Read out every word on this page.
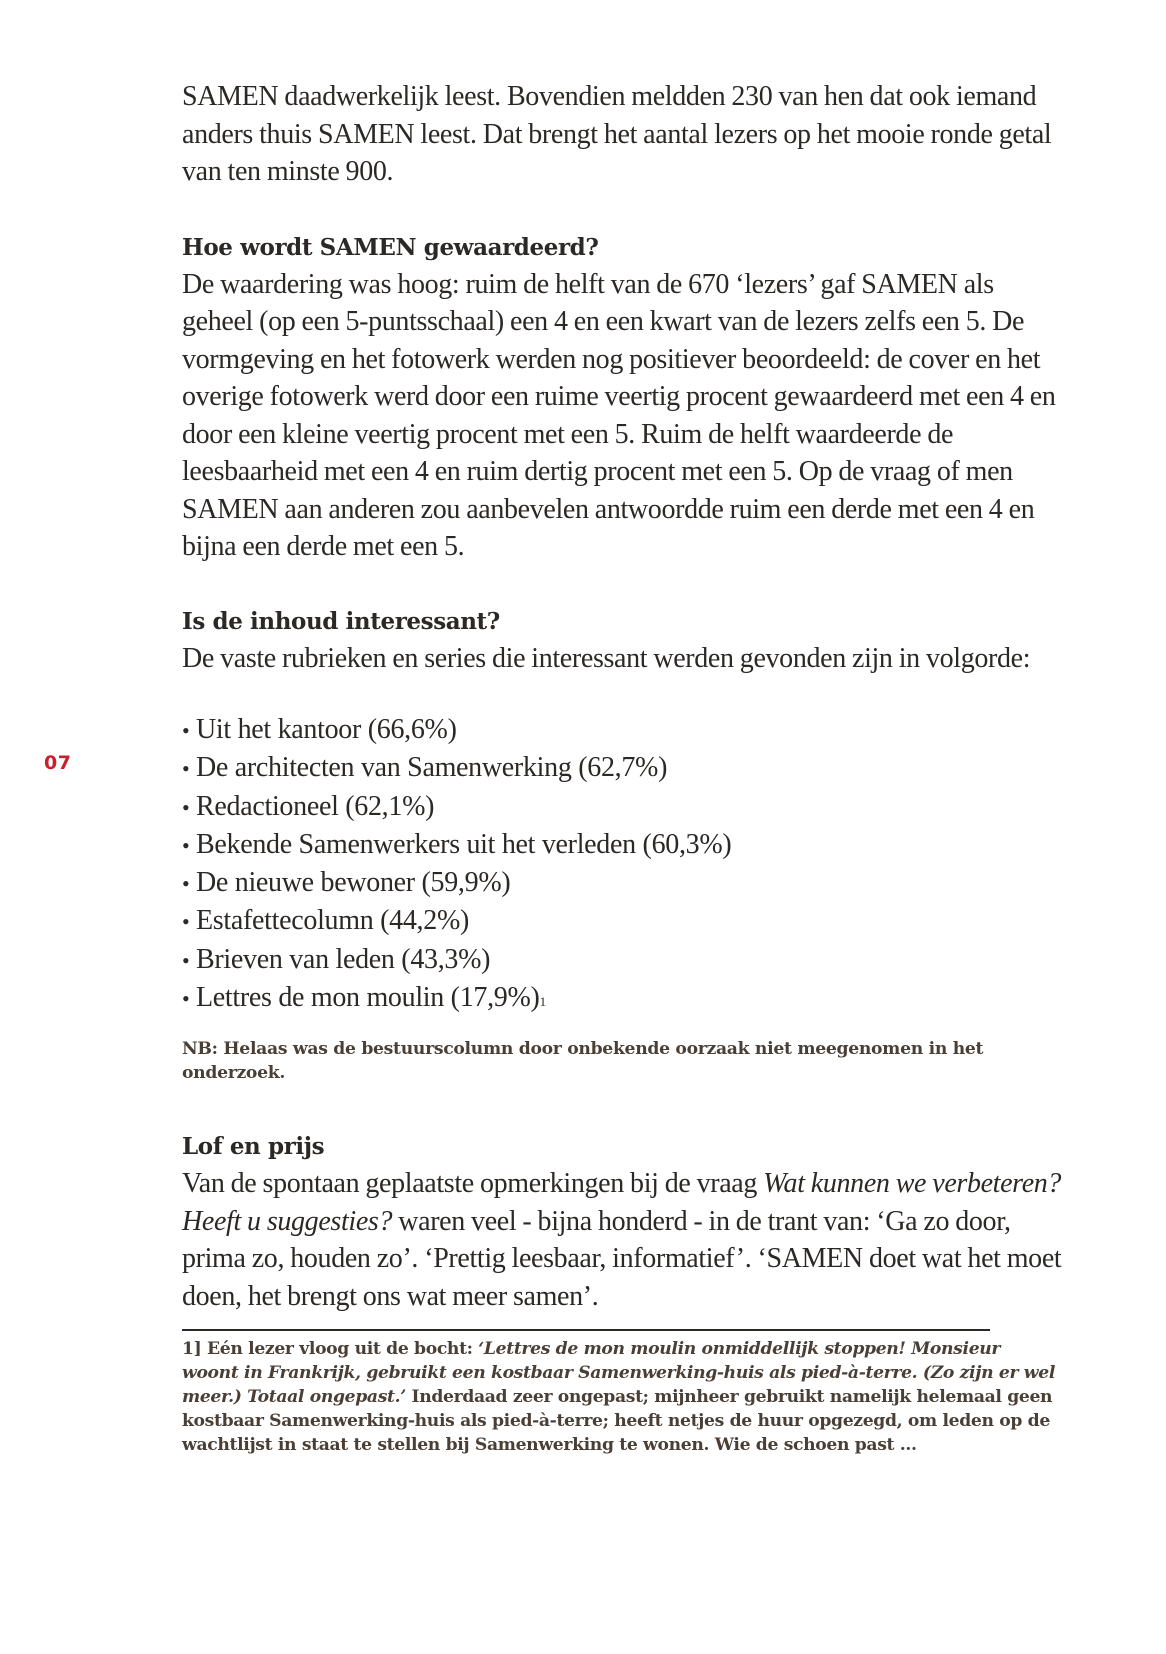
07

SAMEN daadwerkelijk leest. Bovendien meldden 230 van hen dat ook iemand anders thuis SAMEN leest. Dat brengt het aantal lezers op het mooie ronde getal van ten minste 900.

Hoe wordt SAMEN gewaardeerd?

De waardering was hoog: ruim de helft van de 670 ‘lezers’ gaf SAMEN als geheel (op een 5-puntsschaal) een 4 en een kwart van de lezers zelfs een 5. De vormgeving en het fotowerk werden nog positiever beoordeeld: de cover en het overige fotowerk werd door een ruime veertig procent gewaardeerd met een 4 en door een kleine veertig procent met een 5. Ruim de helft waardeerde de leesbaarheid met een 4 en ruim dertig procent met een 5. Op de vraag of men SAMEN aan anderen zou aanbevelen antwoordde ruim een derde met een 4 en bijna een derde met een 5.

Is de inhoud interessant?

De vaste rubrieken en series die interessant werden gevonden zijn in volgorde:

• Uit het kantoor (66,6%)
• De architecten van Samenwerking (62,7%)
• Redactioneel (62,1%)
• Bekende Samenwerkers uit het verleden (60,3%)
• De nieuwe bewoner (59,9%)
• Estafettecolumn (44,2%)
• Brieven van leden (43,3%)
• Lettres de mon moulin (17,9%) 1

NB: Helaas was de bestuurscolumn door onbekende oorzaak niet meegenomen in het onderzoek.

Lof en prijs

Van de spontaan geplaatste opmerkingen bij de vraag Wat kunnen we verbeteren? Heeft u suggesties? waren veel - bijna honderd - in de trant van: ‘Ga zo door, prima zo, houden zo’. ‘Prettig leesbaar, informatief’. ‘SAMEN doet wat het moet doen, het brengt ons wat meer samen’.

1] Eén lezer vloog uit de bocht: ‘Lettres de mon moulin onmiddellijk stoppen! Monsieur woont in Frankrijk, gebruikt een kostbaar Samenwerking-huis als pied-à-terre. (Zo zijn er wel meer.) Totaal ongepast.’ Inderdaad zeer ongepast; mijnheer gebruikt namelijk helemaal geen kostbaar Samenwerking-huis als pied-à-terre; heeft netjes de huur opgezegd, om leden op de wachtlijst in staat te stellen bij Samenwerking te wonen. Wie de schoen past ...
